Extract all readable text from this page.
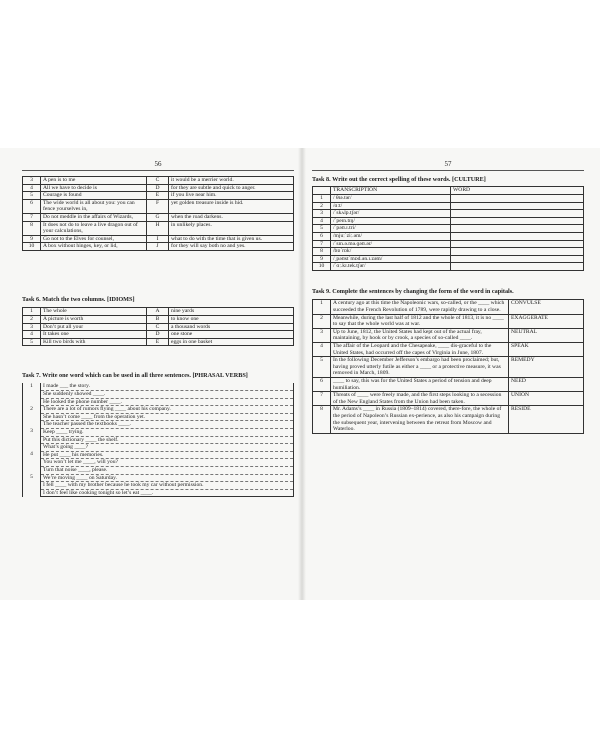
56
3	A pen is to me	C	it would be a merrier world.
4	All we have to decide is	D	for they are subtle and quick to anger.
5	Courage is found	E	if you live near him.
6	The wide world is all about you: you can fence yourselves in,	F	yet golden treasure inside is hid.
7	Do not meddle in the affairs of Wizards,	G	when the road darkens.
8	It does not do to leave a live dragon out of your calculations,	H	in unlikely places.
9	Go not to the Elves for counsel,	I	what to do with the time that is given us.
10	A box without hinges, key, or lid,	J	for they will say both no and yes.
Task 6. Match the two columns. [IDIOMS]
1	The whole	A	nine yards
2	A picture is worth	B	to know one
3	Don’t put all your	C	a thousand words
4	It takes one	D	one stone
5	Kill two birds with	E	eggs in one basket
Task 7. Write one word which can be used in all three sentences. [PHRASAL VERBS]
1	I made ___ the story.
	She suddenly showed ____.
	He looked the phone number ____.
2	There are a lot of rumors flying ____ about his company.
	She hasn’t come ____ from the operation yet.
	The teacher passed the textbooks ____.
3	Keep ____ trying.
	Put this dictionary ____ the shelf.
	What’s going ____?
4	He put ____ his memories.
	You won’t let me ____, will you?
	Turn that noise ____, please.
5	We’re moving ____ on Saturday.
	I fell ____ with my brother because he took my car without permission.
	I don’t feel like cooking tonight so let’s eat ____.
57
Task 8. Write out the correct spelling of these words. [CULTURE]
	TRANSCRIPTION	WORD
1	/ θɪə.tər/	
2	/ɑ:t/	
3	/ˈskʌlp.tʃər/	
4	/ˈpeɪn.tɪŋ/	
5	/ˈpəʊ.ɪ.tri/	
6	/mjuːˈziː.əm/	
7	/ˈsɪn.ə.mə.ɡəʊ.ər/	
8	/bɒˈrɒk/	
9	/ˌpəʊstˈmɒd.ən.ɪ.zəm/	
10	/ˈɑː.kɪ.tek.tʃər/	
Task 9. Complete the sentences by changing the form of the word in capitals.
1	A century ago at this time the Napoleonic wars, so-called, or the ____ which succeeded the French Revolution of 1789, were rapidly drawing to a close.	CONVULSE
2	Meanwhile, during the last half of 1812 and the whole of 1813, it is no ____ to say that the whole world was at war.	EXAGGERATE
3	Up to June, 1812, the United States had kept out of the actual fray, maintaining, by hook or by crook, a species of so-called ____.	NEUTRAL
4	The affair of the Leopard and the Chesapeake, ____ dis-graceful to the United States, had occurred off the capes of Virginia in June, 1807.	SPEAK
5	In the following December Jefferson’s embargo had been proclaimed; but, having proved utterly futile as either a ____ or a protective measure, it was removed in March, 1809.	REMEDY
6	____ to say, this was for the United States a period of tension and deep humiliation.	NEED
7	Threats of ____ were freely made, and the first steps looking to a secession of the New England States from the Union had been taken.	UNION
8	Mr. Adams’s ____ in Russia (1809–1814) covered, there-fore, the whole of the period of Napoleon’s Russian ex-perience, as also his campaign during the subsequent year, intervening between the retreat from Moscow and Waterloo.	RESIDE
